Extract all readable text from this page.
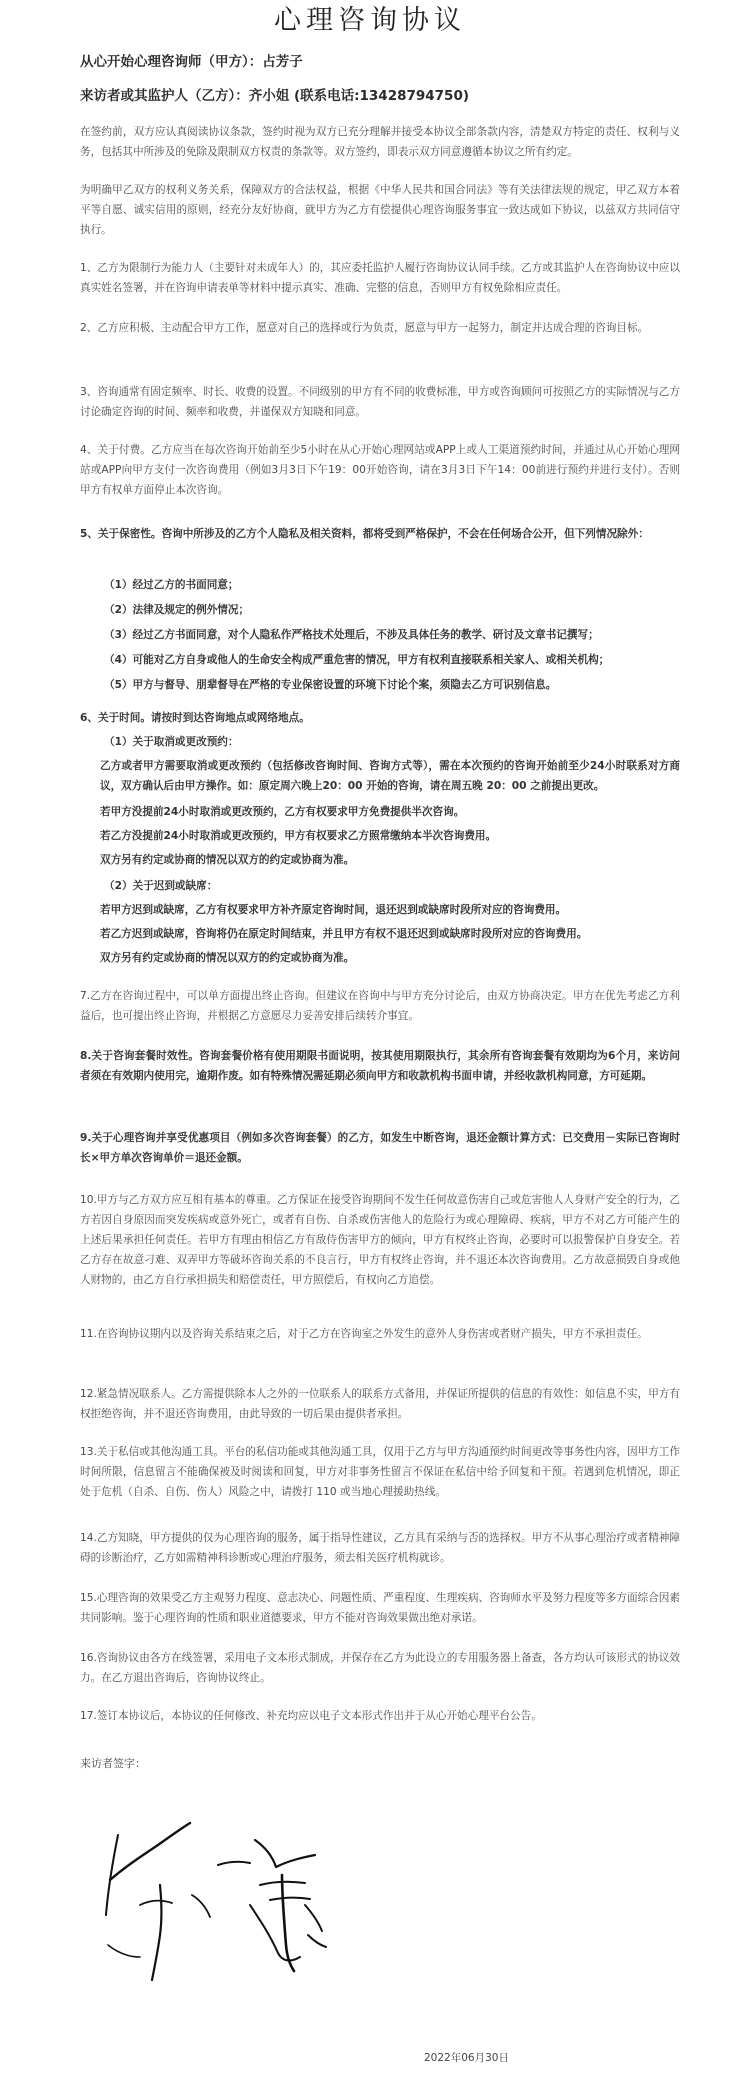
心理咨询协议
从心开始心理咨询师（甲方）：占芳子
来访者或其监护人（乙方）：齐小姐 (联系电话:13428794750)

在签约前，双方应认真阅读协议条款，签约时视为双方已充分理解并接受本协议全部条款内容，清楚双方特定的责任、权利与义务，包括其中所涉及的免除及限制双方权责的条款等。双方签约，即表示双方同意遵循本协议之所有约定。

为明确甲乙双方的权利义务关系，保障双方的合法权益，根据《中华人民共和国合同法》等有关法律法规的规定，甲乙双方本着平等自愿、诚实信用的原则，经充分友好协商，就甲方为乙方有偿提供心理咨询服务事宜一致达成如下协议，以兹双方共同信守执行。

1、乙方为限制行为能力人（主要针对未成年人）的，其应委托监护人履行咨询协议认同手续。乙方或其监护人在咨询协议中应以真实姓名签署，并在咨询申请表单等材料中提示真实、准确、完整的信息，否则甲方有权免除相应责任。

2、乙方应积极、主动配合甲方工作，愿意对自己的选择或行为负责，愿意与甲方一起努力，制定并达成合理的咨询目标。

3、咨询通常有固定频率、时长、收费的设置。不同级别的甲方有不同的收费标准，甲方或咨询顾问可按照乙方的实际情况与乙方讨论确定咨询的时间、频率和收费，并谨保双方知晓和同意。

4、关于付费。乙方应当在每次咨询开始前至少5小时在从心开始心理网站或APP上或人工渠道预约时间，并通过从心开始心理网站或APP向甲方支付一次咨询费用（例如3月3日下午19：00开始咨询，请在3月3日下午14：00前进行预约并进行支付）。否则甲方有权单方面停止本次咨询。

5、关于保密性。咨询中所涉及的乙方个人隐私及相关资料，都将受到严格保护，不会在任何场合公开，但下列情况除外：

（1）经过乙方的书面同意；
（2）法律及规定的例外情况；
（3）经过乙方书面同意，对个人隐私作严格技术处理后，不涉及具体任务的教学、研讨及文章书记撰写；
（4）可能对乙方自身或他人的生命安全构成严重危害的情况，甲方有权利直接联系相关家人、或相关机构；
（5）甲方与督导、朋辈督导在严格的专业保密设置的环境下讨论个案，须隐去乙方可识别信息。
6、关于时间。请按时到达咨询地点或网络地点。
（1）关于取消或更改预约：

乙方或者甲方需要取消或更改预约（包括修改咨询时间、咨询方式等），需在本次预约的咨询开始前至少24小时联系对方商议，双方确认后由甲方操作。如：原定周六晚上20：00 开始的咨询，请在周五晚 20：00 之前提出更改。

若甲方没提前24小时取消或更改预约，乙方有权要求甲方免费提供半次咨询。
若乙方没提前24小时取消或更改预约，甲方有权要求乙方照常缴纳本半次咨询费用。
双方另有约定或协商的情况以双方的约定或协商为准。
（2）关于迟到或缺席：
若甲方迟到或缺席，乙方有权要求甲方补齐原定咨询时间，退还迟到或缺席时段所对应的咨询费用。
若乙方迟到或缺席，咨询将仍在原定时间结束，并且甲方有权不退还迟到或缺席时段所对应的咨询费用。
双方另有约定或协商的情况以双方的约定或协商为准。

7.乙方在咨询过程中，可以单方面提出终止咨询。但建议在咨询中与甲方充分讨论后，由双方协商决定。甲方在优先考虑乙方利益后，也可提出终止咨询，并根据乙方意愿尽力妥善安排后续转介事宜。

8.关于咨询套餐时效性。咨询套餐价格有使用期限书面说明，按其使用期限执行，其余所有咨询套餐有效期均为6个月，来访问者须在有效期内使用完，逾期作废。如有特殊情况需延期必须向甲方和收款机构书面申请，并经收款机构同意，方可延期。

9.关于心理咨询并享受优惠项目（例如多次咨询套餐）的乙方，如发生中断咨询，退还金额计算方式：已交费用－实际已咨询时长×甲方单次咨询单价＝退还金额。

10.甲方与乙方双方应互相有基本的尊重。乙方保证在接受咨询期间不发生任何故意伤害自己或危害他人人身财产安全的行为，乙方若因自身原因而突发疾病或意外死亡，或者有自伤、自杀或伤害他人的危险行为或心理障碍、疾病，甲方不对乙方可能产生的上述后果承担任何责任。若甲方有理由相信乙方有敌侍伤害甲方的倾向，甲方有权终止咨询，必要时可以报警保护自身安全。若乙方存在故意刁难、双弄甲方等破坏咨询关系的不良言行，甲方有权终止咨询，并不退还本次咨询费用。乙方故意损毁自身或他人财物的，由乙方自行承担损失和赔偿责任，甲方照偿后，有权向乙方追偿。

11.在咨询协议期内以及咨询关系结束之后，对于乙方在咨询室之外发生的意外人身伤害或者财产损失，甲方不承担责任。

12.紧急情况联系人。乙方需提供除本人之外的一位联系人的联系方式备用，并保证所提供的信息的有效性：如信息不实，甲方有权拒绝咨询，并不退还咨询费用，由此导致的一切后果由提供者承担。

13.关于私信或其他沟通工具。平台的私信功能或其他沟通工具，仅用于乙方与甲方沟通预约时间更改等事务性内容，因甲方工作时间所限，信息留言不能确保被及时阅读和回复，甲方对非事务性留言不保证在私信中给予回复和干预。若遇到危机情况，即正处于危机（自杀、自伤、伤人）风险之中，请拨打 110 或当地心理援助热线。

14.乙方知晓，甲方提供的仅为心理咨询的服务，属于指导性建议，乙方具有采纳与否的选择权。甲方不从事心理治疗或者精神障碍的诊断治疗，乙方如需精神科诊断或心理治疗服务，须去相关医疗机构就诊。

15.心理咨询的效果受乙方主观努力程度、意志决心、问题性质、严重程度、生理疾病、咨询师水平及努力程度等多方面综合因素共同影响。鉴于心理咨询的性质和职业道德要求，甲方不能对咨询效果做出绝对承诺。

16.咨询协议由各方在线签署，采用电子文本形式制成，并保存在乙方为此设立的专用服务器上备查，各方均认可该形式的协议效力。在乙方退出咨询后，咨询协议终止。

17.签订本协议后，本协议的任何修改、补充均应以电子文本形式作出并于从心开始心理平台公告。

来访者签字：
2022年06月30日
